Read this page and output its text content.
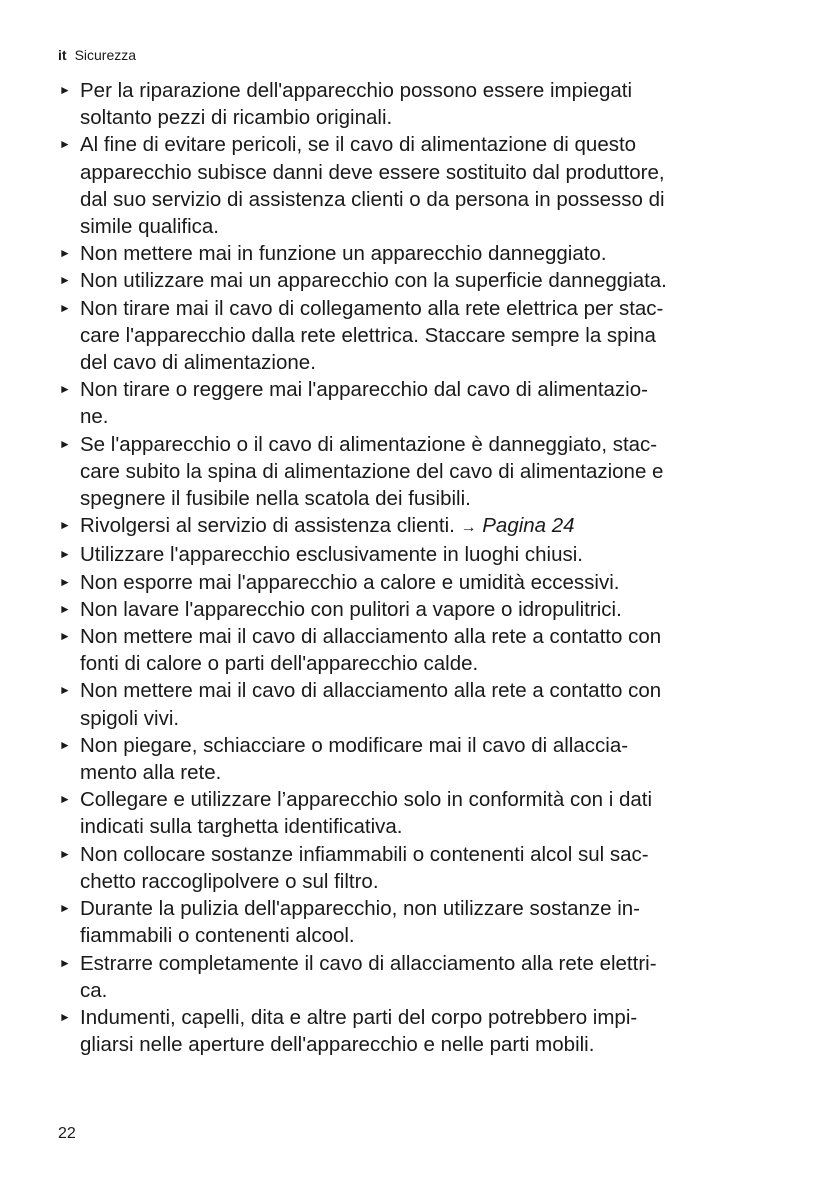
it Sicurezza
► Per la riparazione dell'apparecchio possono essere impiegati
soltanto pezzi di ricambio originali.
► Al fine di evitare pericoli, se il cavo di alimentazione di questo
apparecchio subisce danni deve essere sostituito dal produttore,
dal suo servizio di assistenza clienti o da persona in possesso di
simile qualifica.
► Non mettere mai in funzione un apparecchio danneggiato.
► Non utilizzare mai un apparecchio con la superficie danneggiata.
► Non tirare mai il cavo di collegamento alla rete elettrica per stac-
care l'apparecchio dalla rete elettrica. Staccare sempre la spina
del cavo di alimentazione.
► Non tirare o reggere mai l'apparecchio dal cavo di alimentazio-
ne.
► Se l'apparecchio o il cavo di alimentazione è danneggiato, stac-
care subito la spina di alimentazione del cavo di alimentazione e
spegnere il fusibile nella scatola dei fusibili.
► Rivolgersi al servizio di assistenza clienti. → Pagina 24
► Utilizzare l'apparecchio esclusivamente in luoghi chiusi.
► Non esporre mai l'apparecchio a calore e umidità eccessivi.
► Non lavare l'apparecchio con pulitori a vapore o idropulitrici.
► Non mettere mai il cavo di allacciamento alla rete a contatto con
fonti di calore o parti dell'apparecchio calde.
► Non mettere mai il cavo di allacciamento alla rete a contatto con
spigoli vivi.
► Non piegare, schiacciare o modificare mai il cavo di allaccia-
mento alla rete.
► Collegare e utilizzare l’apparecchio solo in conformità con i dati
indicati sulla targhetta identificativa.
► Non collocare sostanze infiammabili o contenenti alcol sul sac-
chetto raccoglipolvere o sul filtro.
► Durante la pulizia dell'apparecchio, non utilizzare sostanze in-
fiammabili o contenenti alcool.
► Estrarre completamente il cavo di allacciamento alla rete elettri-
ca.
► Indumenti, capelli, dita e altre parti del corpo potrebbero impi-
gliarsi nelle aperture dell'apparecchio e nelle parti mobili.
22
